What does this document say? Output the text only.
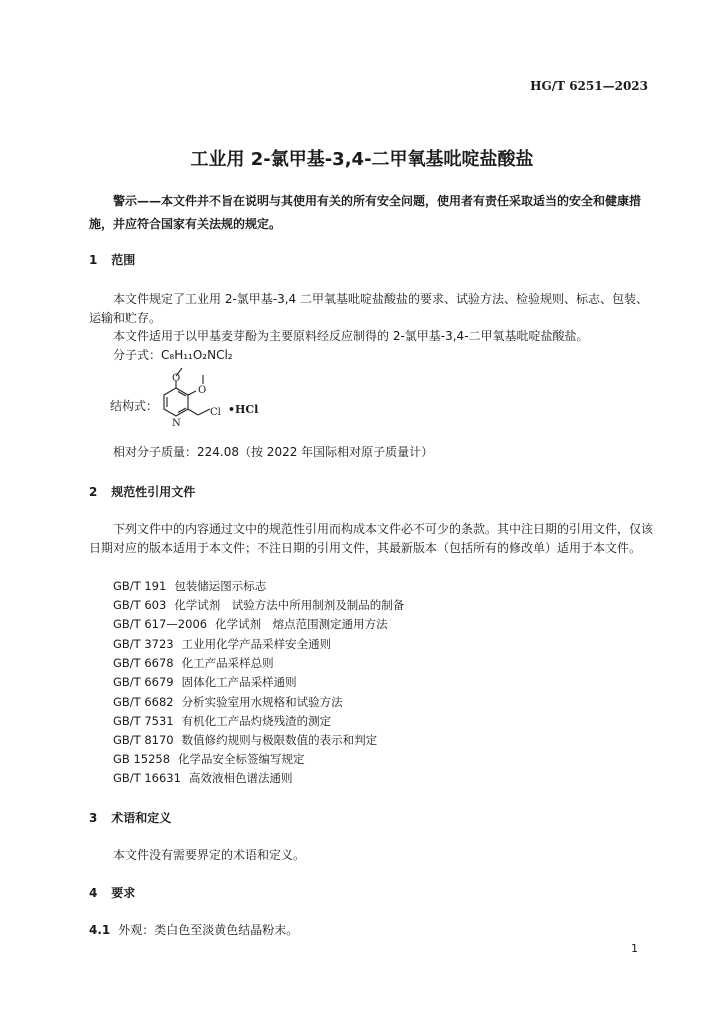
HG/T 6251—2023
工业用 2-氯甲基-3,4-二甲氧基吡啶盐酸盐
警示——本文件并不旨在说明与其使用有关的所有安全问题，使用者有责任采取适当的安全和健康措施，并应符合国家有关法规的规定。
1 范围
本文件规定了工业用 2-氯甲基-3,4 二甲氧基吡啶盐酸盐的要求、试验方法、检验规则、标志、包装、运输和贮存。
本文件适用于以甲基麦芽酚为主要原料经反应制得的 2-氯甲基-3,4-二甲氧基吡啶盐酸盐。
分子式：C₈H₁₁O₂NCl₂
结构式：
O
O
N
Cl •HCl
相对分子质量：224.08（按 2022 年国际相对原子质量计）
2 规范性引用文件
下列文件中的内容通过文中的规范性引用而构成本文件必不可少的条款。其中注日期的引用文件，仅该日期对应的版本适用于本文件；不注日期的引用文件，其最新版本（包括所有的修改单）适用于本文件。
GB/T 191 包装储运图示标志
GB/T 603 化学试剂　试验方法中所用制剂及制品的制备
GB/T 617—2006 化学试剂　熔点范围测定通用方法
GB/T 3723 工业用化学产品采样安全通则
GB/T 6678 化工产品采样总则
GB/T 6679 固体化工产品采样通则
GB/T 6682 分析实验室用水规格和试验方法
GB/T 7531 有机化工产品灼烧残渣的测定
GB/T 8170 数值修约规则与极限数值的表示和判定
GB 15258 化学品安全标签编写规定
GB/T 16631 高效液相色谱法通则
3 术语和定义
本文件没有需要界定的术语和定义。
4 要求
4.1 外观：类白色至淡黄色结晶粉末。
1
